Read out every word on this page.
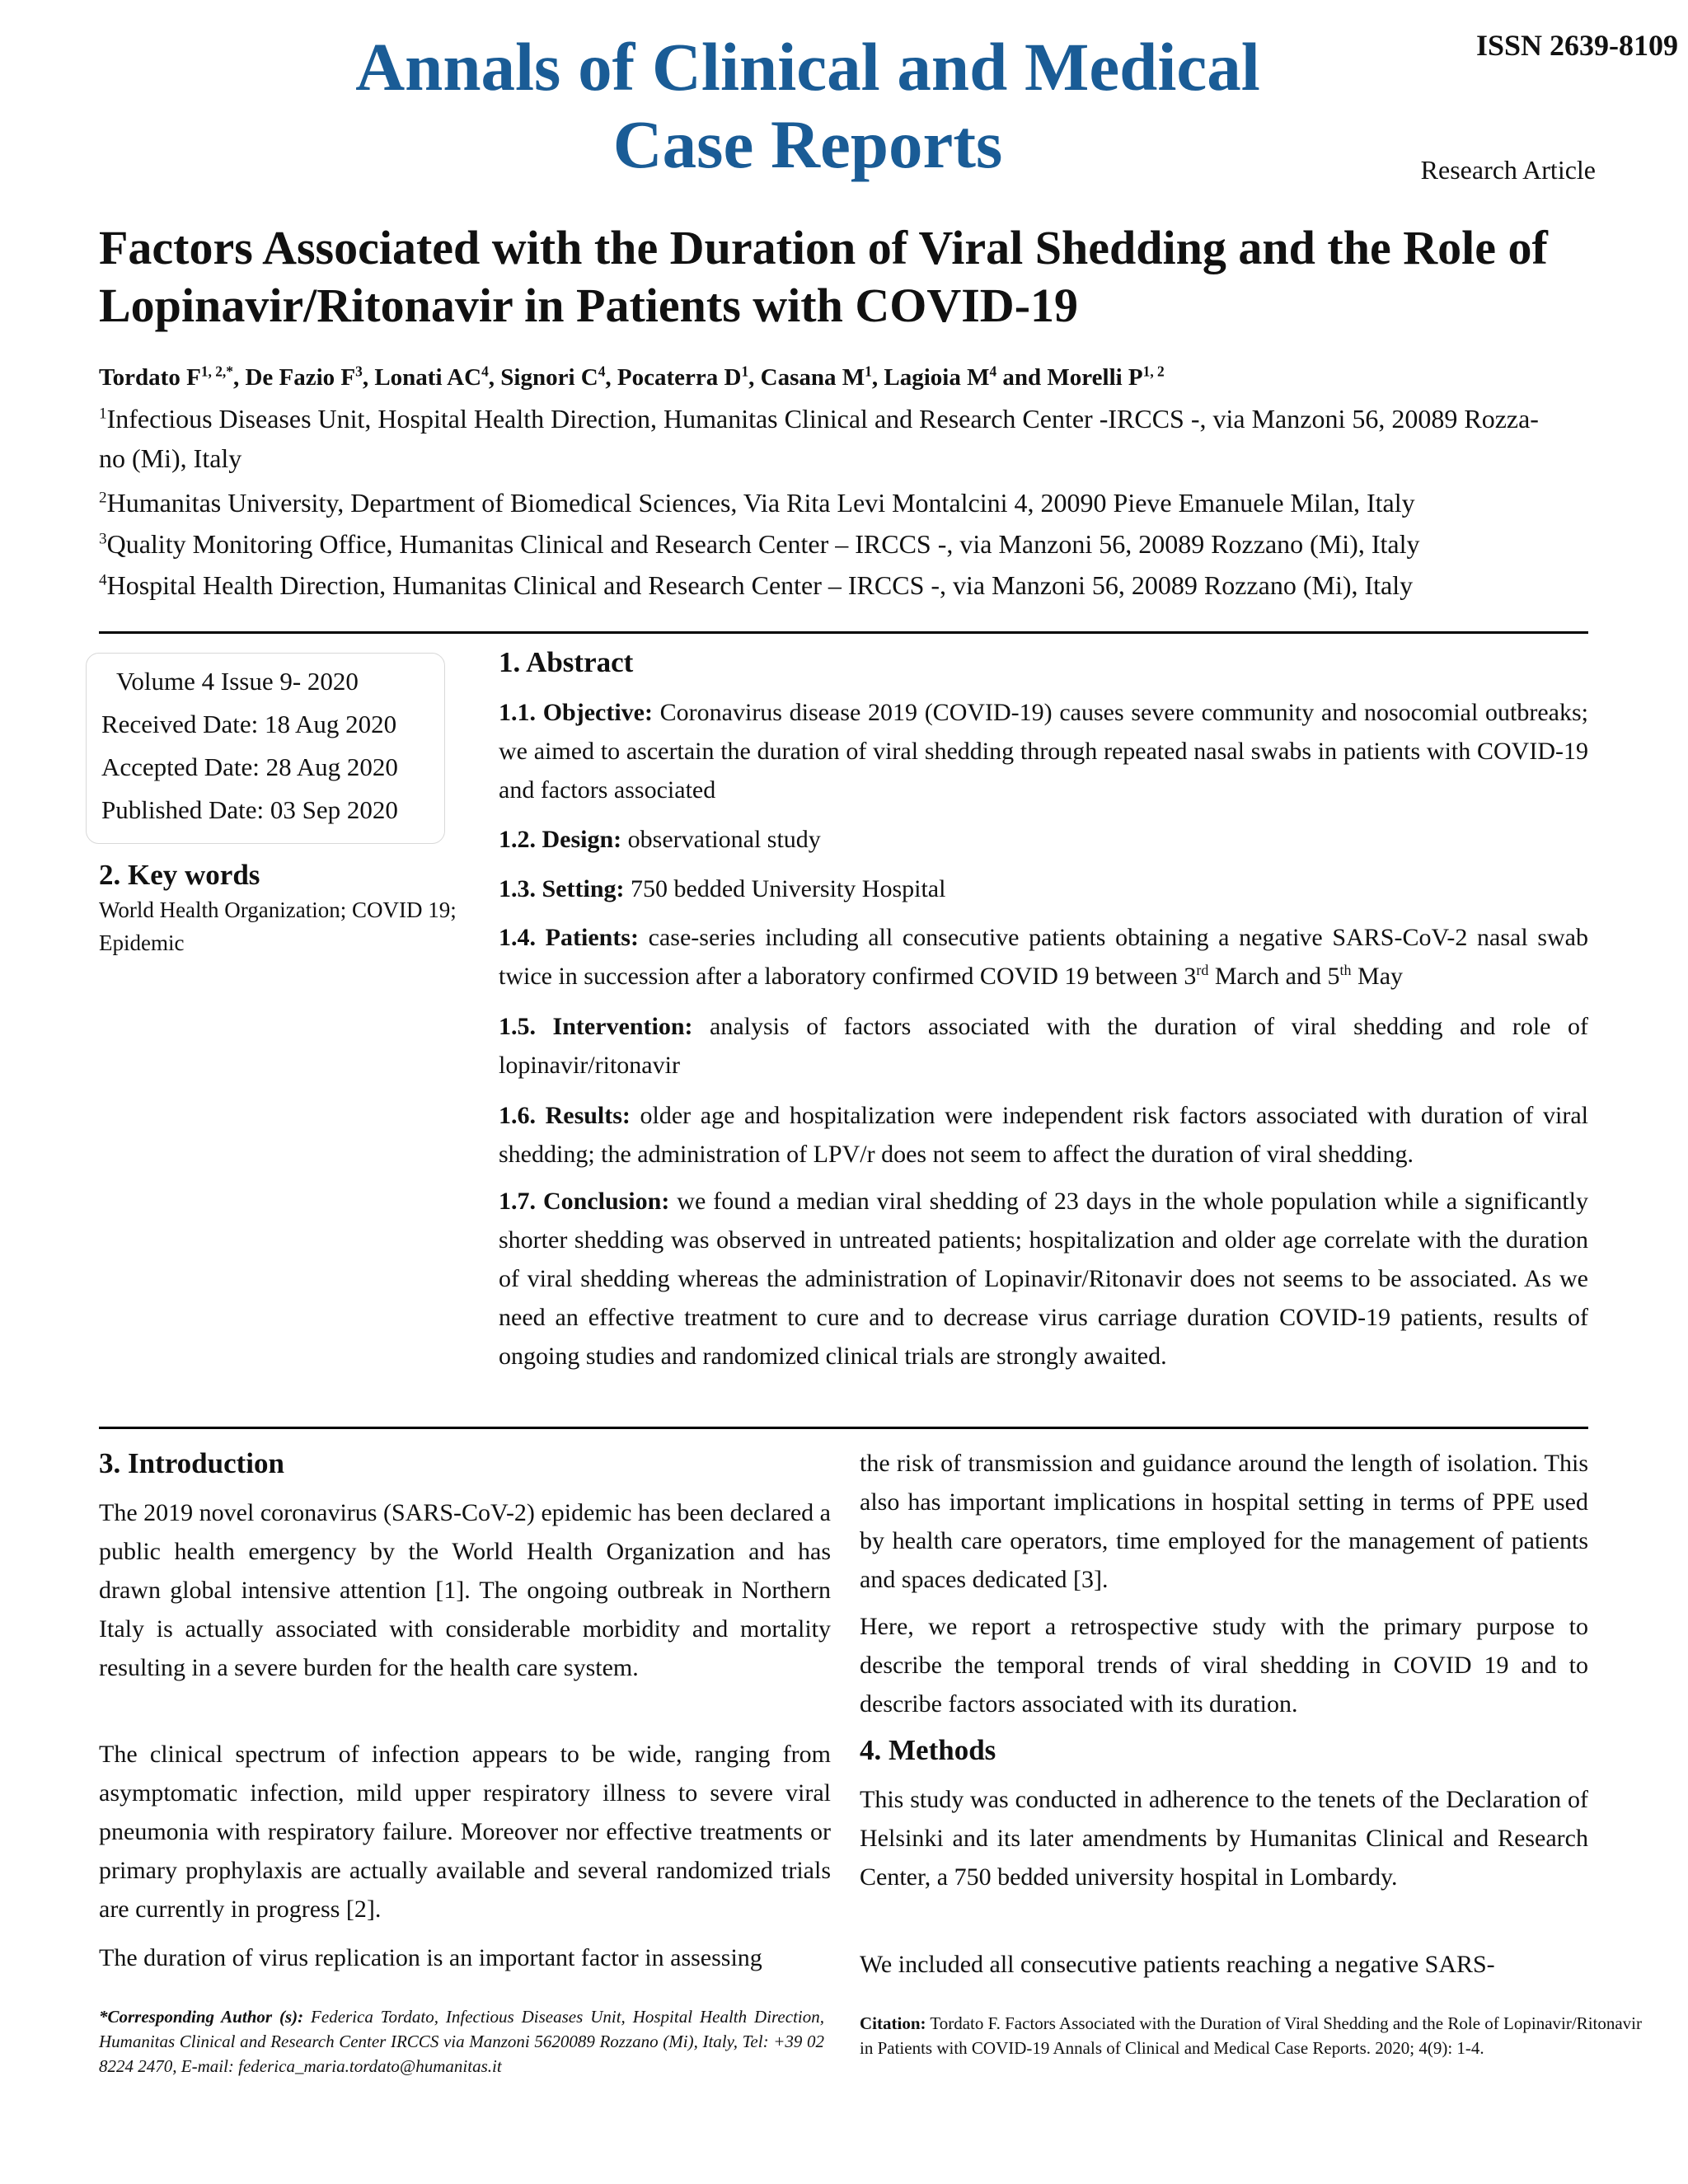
Annals of Clinical and Medical
Case Reports
ISSN 2639-8109
Research Article
Factors Associated with the Duration of Viral Shedding and the Role of
Lopinavir/Ritonavir in Patients with COVID-19
Tordato $F^{1, 2,*}$, De Fazio $F^3$, Lonati $AC^4$, Signori $C^4$, Pocaterra $D^1$, Casana $M^1$, Lagioia $M^4$ and Morelli P$^{1, 2}$
$^1$Infectious Diseases Unit, Hospital Health Direction, Humanitas Clinical and Research Center -IRCCS -, via Manzoni 56, 20089 Rozza-
no (Mi), Italy
$^2$Humanitas University, Department of Biomedical Sciences, Via Rita Levi Montalcini 4, 20090 Pieve Emanuele Milan, Italy
$^3$Quality Monitoring Office, Humanitas Clinical and Research Center – IRCCS -, via Manzoni 56, 20089 Rozzano (Mi), Italy
$^4$Hospital Health Direction, Humanitas Clinical and Research Center – IRCCS -, via Manzoni 56, 20089 Rozzano (Mi), Italy
Volume 4 Issue 9- 2020
Received Date: 18 Aug 2020
Accepted Date: 28 Aug 2020
Published Date: 03 Sep 2020
2. Key words
World Health Organization; COVID 19; Epidemic
1. Abstract

1.1. Objective: Coronavirus disease 2019 (COVID-19) causes severe community and nosocomial outbreaks; we aimed to ascertain the duration of viral shedding through repeated nasal swabs in patients with COVID-19 and factors associated

1.2. Design: observational study

1.3. Setting: 750 bedded University Hospital

1.4. Patients: case-series including all consecutive patients obtaining a negative SARS-CoV-2 nasal swab twice in succession after a laboratory confirmed COVID 19 between 3rd March and 5th May

1.5. Intervention: analysis of factors associated with the duration of viral shedding and role of lopinavir/ritonavir

1.6. Results: older age and hospitalization were independent risk factors associated with duration of viral shedding; the administration of LPV/r does not seem to affect the duration of viral shedding.

1.7. Conclusion: we found a median viral shedding of 23 days in the whole population while a significantly shorter shedding was observed in untreated patients; hospitalization and older age correlate with the duration of viral shedding whereas the administration of Lopinavir/Ritonavir does not seems to be associated. As we need an effective treatment to cure and to decrease virus carriage duration COVID-19 patients, results of ongoing studies and randomized clinical trials are strongly awaited.

3. Introduction

The 2019 novel coronavirus (SARS-CoV-2) epidemic has been declared a public health emergency by the World Health Organization and has drawn global intensive attention [1]. The ongoing outbreak in Northern Italy is actually associated with considerable morbidity and mortality resulting in a severe burden for the health care system.

The clinical spectrum of infection appears to be wide, ranging from asymptomatic infection, mild upper respiratory illness to severe viral pneumonia with respiratory failure. Moreover nor effective treatments or primary prophylaxis are actually available and several randomized trials are currently in progress [2].

The duration of virus replication is an important factor in assessing

the risk of transmission and guidance around the length of isolation. This also has important implications in hospital setting in terms of PPE used by health care operators, time employed for the management of patients and spaces dedicated [3].

Here, we report a retrospective study with the primary purpose to describe the temporal trends of viral shedding in COVID 19 and to describe factors associated with its duration.

4. Methods

This study was conducted in adherence to the tenets of the Declaration of Helsinki and its later amendments by Humanitas Clinical and Research Center, a 750 bedded university hospital in Lombardy.

We included all consecutive patients reaching a negative SARS-

*Corresponding Author (s): Federica Tordato, Infectious Diseases Unit, Hospital Health Direction, Humanitas Clinical and Research Center IRCCS via Manzoni 5620089 Rozzano (Mi), Italy, Tel: +39 02 8224 2470, E-mail: federica_maria.tordato@humanitas.it
Citation: Tordato F. Factors Associated with the Duration of Viral Shedding and the Role of Lopinavir/Ritonavir in Patients with COVID-19 Annals of Clinical and Medical Case Reports. 2020; 4(9): 1-4.
